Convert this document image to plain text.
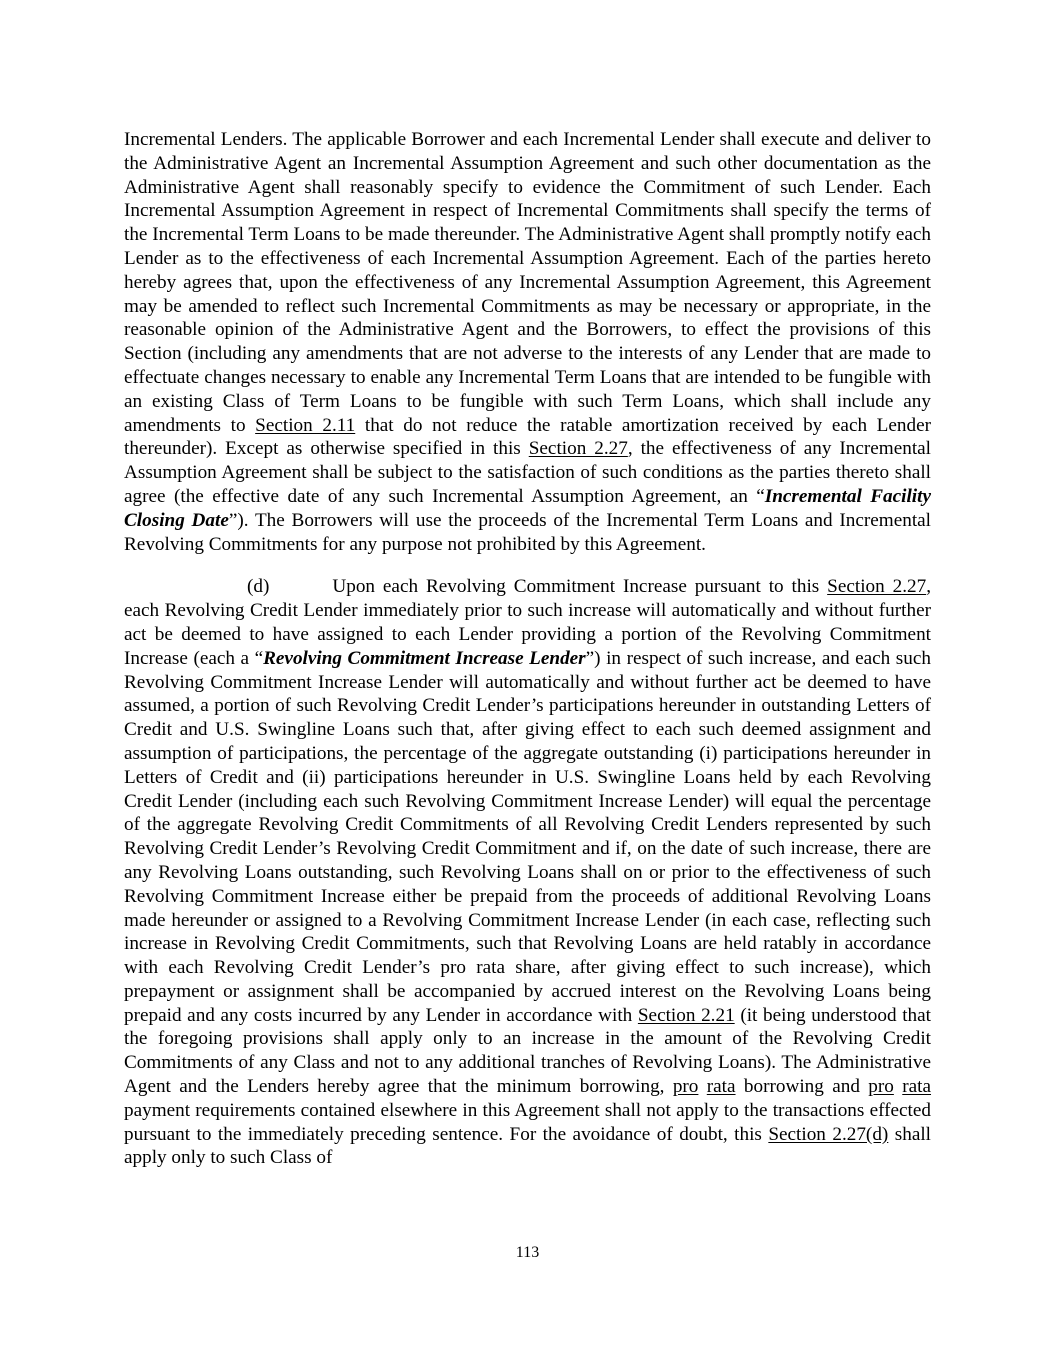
Incremental Lenders. The applicable Borrower and each Incremental Lender shall execute and deliver to the Administrative Agent an Incremental Assumption Agreement and such other documentation as the Administrative Agent shall reasonably specify to evidence the Commitment of such Lender. Each Incremental Assumption Agreement in respect of Incremental Commitments shall specify the terms of the Incremental Term Loans to be made thereunder. The Administrative Agent shall promptly notify each Lender as to the effectiveness of each Incremental Assumption Agreement. Each of the parties hereto hereby agrees that, upon the effectiveness of any Incremental Assumption Agreement, this Agreement may be amended to reflect such Incremental Commitments as may be necessary or appropriate, in the reasonable opinion of the Administrative Agent and the Borrowers, to effect the provisions of this Section (including any amendments that are not adverse to the interests of any Lender that are made to effectuate changes necessary to enable any Incremental Term Loans that are intended to be fungible with an existing Class of Term Loans to be fungible with such Term Loans, which shall include any amendments to Section 2.11 that do not reduce the ratable amortization received by each Lender thereunder). Except as otherwise specified in this Section 2.27, the effectiveness of any Incremental Assumption Agreement shall be subject to the satisfaction of such conditions as the parties thereto shall agree (the effective date of any such Incremental Assumption Agreement, an “Incremental Facility Closing Date”). The Borrowers will use the proceeds of the Incremental Term Loans and Incremental Revolving Commitments for any purpose not prohibited by this Agreement.

(d)	Upon each Revolving Commitment Increase pursuant to this Section 2.27, each Revolving Credit Lender immediately prior to such increase will automatically and without further act be deemed to have assigned to each Lender providing a portion of the Revolving Commitment Increase (each a “Revolving Commitment Increase Lender”) in respect of such increase, and each such Revolving Commitment Increase Lender will automatically and without further act be deemed to have assumed, a portion of such Revolving Credit Lender’s participations hereunder in outstanding Letters of Credit and U.S. Swingline Loans such that, after giving effect to each such deemed assignment and assumption of participations, the percentage of the aggregate outstanding (i) participations hereunder in Letters of Credit and (ii) participations hereunder in U.S. Swingline Loans held by each Revolving Credit Lender (including each such Revolving Commitment Increase Lender) will equal the percentage of the aggregate Revolving Credit Commitments of all Revolving Credit Lenders represented by such Revolving Credit Lender’s Revolving Credit Commitment and if, on the date of such increase, there are any Revolving Loans outstanding, such Revolving Loans shall on or prior to the effectiveness of such Revolving Commitment Increase either be prepaid from the proceeds of additional Revolving Loans made hereunder or assigned to a Revolving Commitment Increase Lender (in each case, reflecting such increase in Revolving Credit Commitments, such that Revolving Loans are held ratably in accordance with each Revolving Credit Lender’s pro rata share, after giving effect to such increase), which prepayment or assignment shall be accompanied by accrued interest on the Revolving Loans being prepaid and any costs incurred by any Lender in accordance with Section 2.21 (it being understood that the foregoing provisions shall apply only to an increase in the amount of the Revolving Credit Commitments of any Class and not to any additional tranches of Revolving Loans). The Administrative Agent and the Lenders hereby agree that the minimum borrowing, pro rata borrowing and pro rata payment requirements contained elsewhere in this Agreement shall not apply to the transactions effected pursuant to the immediately preceding sentence. For the avoidance of doubt, this Section 2.27(d) shall apply only to such Class of

113
